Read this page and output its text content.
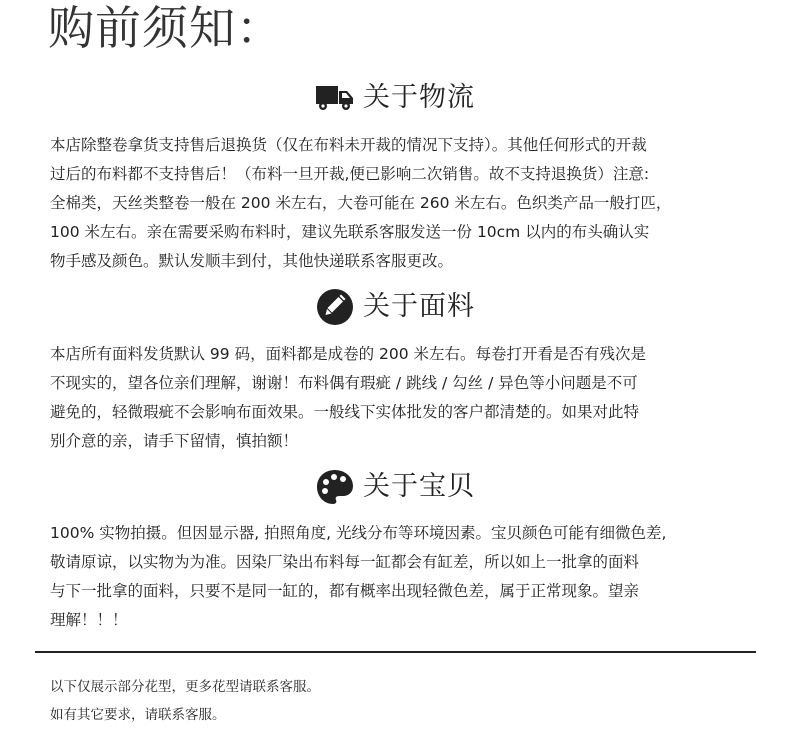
购前须知：
关于物流
本店除整卷拿货支持售后退换货（仅在布料未开裁的情况下支持）。其他任何形式的开裁
过后的布料都不支持售后！（布料一旦开裁,便已影响二次销售。故不支持退换货）注意:
全棉类，天丝类整卷一般在 200 米左右，大卷可能在 260 米左右。色织类产品一般打匹，
100 米左右。亲在需要采购布料时，建议先联系客服发送一份 10cm 以内的布头确认实
物手感及颜色。默认发顺丰到付，其他快递联系客服更改。
关于面料
本店所有面料发货默认 99 码，面料都是成卷的 200 米左右。每卷打开看是否有残次是
不现实的，望各位亲们理解，谢谢！布料偶有瑕疵 / 跳线 / 勾丝 / 异色等小问题是不可
避免的，轻微瑕疵不会影响布面效果。一般线下实体批发的客户都清楚的。如果对此特
别介意的亲，请手下留情，慎拍额！
关于宝贝
100% 实物拍摄。但因显示器, 拍照角度, 光线分布等环境因素。宝贝颜色可能有细微色差,
敬请原谅，以实物为为准。因染厂染出布料每一缸都会有缸差，所以如上一批拿的面料
与下一批拿的面料，只要不是同一缸的，都有概率出现轻微色差，属于正常现象。望亲
理解！！！
以下仅展示部分花型，更多花型请联系客服。
如有其它要求，请联系客服。
